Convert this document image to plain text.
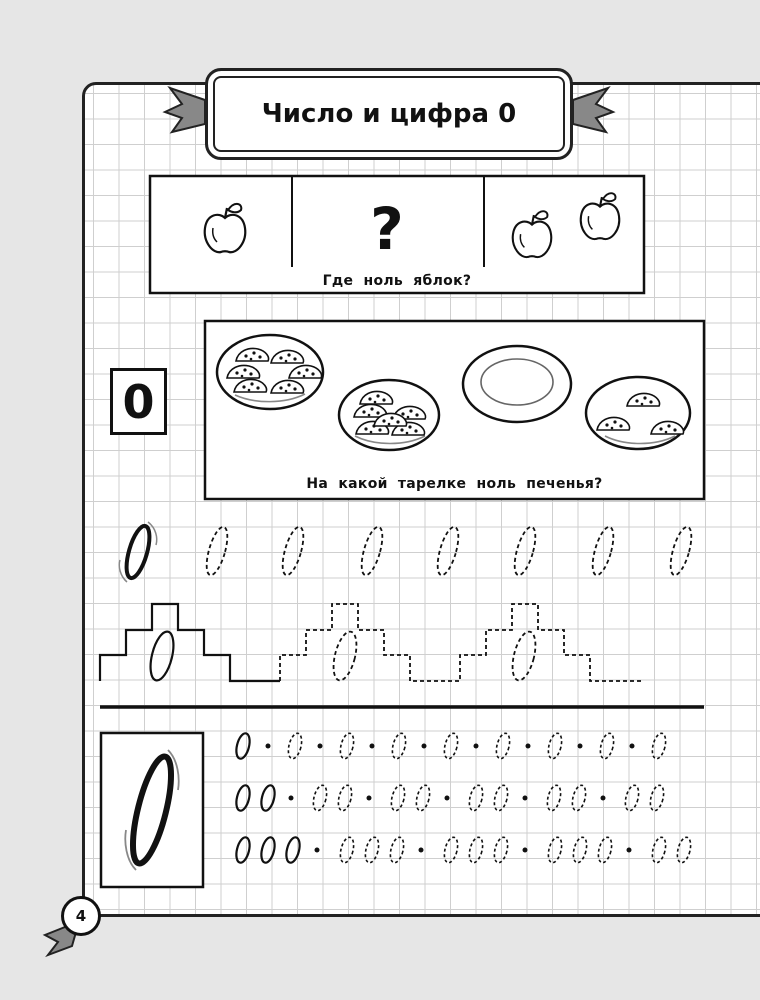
Число и цифра 0
?
Где ноль яблок?
0
На какой тарелке ноль печенья?
4
